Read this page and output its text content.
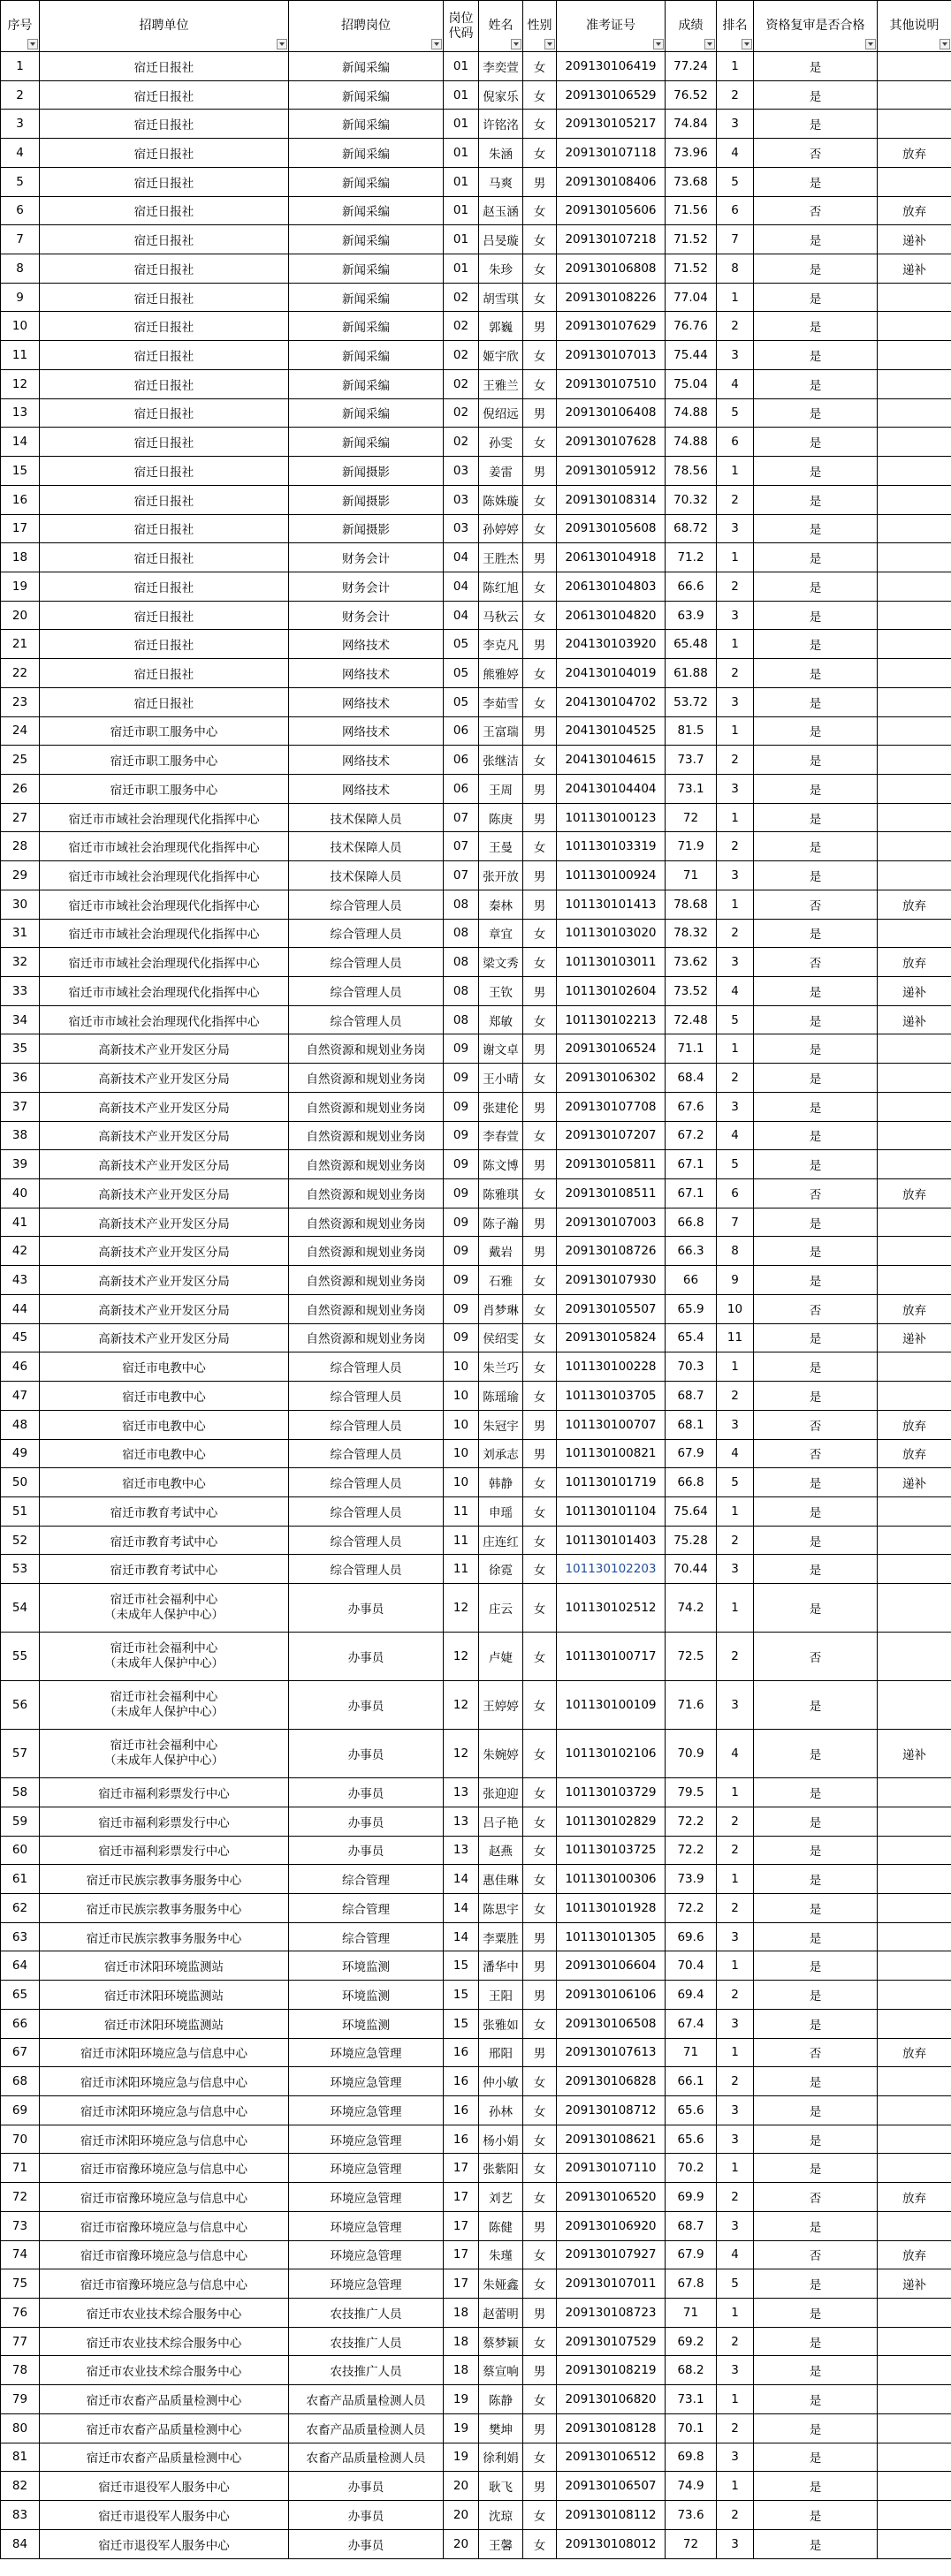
序号	招聘单位	招聘岗位	岗位代码	姓名	性别	准考证号	成绩	排名	资格复审是否合格	其他说明

1	宿迁日报社	新闻采编	01	李奕萱	女	209130106419	77.24	1	是	
2	宿迁日报社	新闻采编	01	倪家乐	女	209130106529	76.52	2	是	
3	宿迁日报社	新闻采编	01	许铭洺	女	209130105217	74.84	3	是	
4	宿迁日报社	新闻采编	01	朱涵	女	209130107118	73.96	4	否	放弃
5	宿迁日报社	新闻采编	01	马爽	男	209130108406	73.68	5	是	
6	宿迁日报社	新闻采编	01	赵玉涵	女	209130105606	71.56	6	否	放弃
7	宿迁日报社	新闻采编	01	吕旻璇	女	209130107218	71.52	7	是	递补
8	宿迁日报社	新闻采编	01	朱珍	女	209130106808	71.52	8	是	递补
9	宿迁日报社	新闻采编	02	胡雪琪	女	209130108226	77.04	1	是	
10	宿迁日报社	新闻采编	02	郭巍	男	209130107629	76.76	2	是	
11	宿迁日报社	新闻采编	02	姬宇欣	女	209130107013	75.44	3	是	
12	宿迁日报社	新闻采编	02	王雅兰	女	209130107510	75.04	4	是	
13	宿迁日报社	新闻采编	02	倪绍远	男	209130106408	74.88	5	是	
14	宿迁日报社	新闻采编	02	孙雯	女	209130107628	74.88	6	是	
15	宿迁日报社	新闻摄影	03	姜雷	男	209130105912	78.56	1	是	
16	宿迁日报社	新闻摄影	03	陈姝璇	女	209130108314	70.32	2	是	
17	宿迁日报社	新闻摄影	03	孙婷婷	女	209130105608	68.72	3	是	
18	宿迁日报社	财务会计	04	王胜杰	男	206130104918	71.2	1	是	
19	宿迁日报社	财务会计	04	陈红旭	女	206130104803	66.6	2	是	
20	宿迁日报社	财务会计	04	马秋云	女	206130104820	63.9	3	是	
21	宿迁日报社	网络技术	05	李克凡	男	204130103920	65.48	1	是	
22	宿迁日报社	网络技术	05	熊雅婷	女	204130104019	61.88	2	是	
23	宿迁日报社	网络技术	05	李茹雪	女	204130104702	53.72	3	是	
24	宿迁市职工服务中心	网络技术	06	王富瑞	男	204130104525	81.5	1	是	
25	宿迁市职工服务中心	网络技术	06	张继洁	女	204130104615	73.7	2	是	
26	宿迁市职工服务中心	网络技术	06	王周	男	204130104404	73.1	3	是	
27	宿迁市市域社会治理现代化指挥中心	技术保障人员	07	陈庚	男	101130100123	72	1	是	
28	宿迁市市域社会治理现代化指挥中心	技术保障人员	07	王曼	女	101130103319	71.9	2	是	
29	宿迁市市域社会治理现代化指挥中心	技术保障人员	07	张开放	男	101130100924	71	3	是	
30	宿迁市市域社会治理现代化指挥中心	综合管理人员	08	秦林	男	101130101413	78.68	1	否	放弃
31	宿迁市市域社会治理现代化指挥中心	综合管理人员	08	章宜	女	101130103020	78.32	2	是	
32	宿迁市市域社会治理现代化指挥中心	综合管理人员	08	梁文秀	女	101130103011	73.62	3	否	放弃
33	宿迁市市域社会治理现代化指挥中心	综合管理人员	08	王钦	男	101130102604	73.52	4	是	递补
34	宿迁市市域社会治理现代化指挥中心	综合管理人员	08	郑敏	女	101130102213	72.48	5	是	递补
35	高新技术产业开发区分局	自然资源和规划业务岗	09	谢文卓	男	209130106524	71.1	1	是	
36	高新技术产业开发区分局	自然资源和规划业务岗	09	王小晴	女	209130106302	68.4	2	是	
37	高新技术产业开发区分局	自然资源和规划业务岗	09	张建伦	男	209130107708	67.6	3	是	
38	高新技术产业开发区分局	自然资源和规划业务岗	09	李春萱	女	209130107207	67.2	4	是	
39	高新技术产业开发区分局	自然资源和规划业务岗	09	陈文博	男	209130105811	67.1	5	是	
40	高新技术产业开发区分局	自然资源和规划业务岗	09	陈雅琪	女	209130108511	67.1	6	否	放弃
41	高新技术产业开发区分局	自然资源和规划业务岗	09	陈子瀚	男	209130107003	66.8	7	是	
42	高新技术产业开发区分局	自然资源和规划业务岗	09	戴岩	男	209130108726	66.3	8	是	
43	高新技术产业开发区分局	自然资源和规划业务岗	09	石雅	女	209130107930	66	9	是	
44	高新技术产业开发区分局	自然资源和规划业务岗	09	肖梦琳	女	209130105507	65.9	10	否	放弃
45	高新技术产业开发区分局	自然资源和规划业务岗	09	侯绍雯	女	209130105824	65.4	11	是	递补
46	宿迁市电教中心	综合管理人员	10	朱兰巧	女	101130100228	70.3	1	是	
47	宿迁市电教中心	综合管理人员	10	陈瑶瑜	女	101130103705	68.7	2	是	
48	宿迁市电教中心	综合管理人员	10	朱冠宇	男	101130100707	68.1	3	否	放弃
49	宿迁市电教中心	综合管理人员	10	刘承志	男	101130100821	67.9	4	否	放弃
50	宿迁市电教中心	综合管理人员	10	韩静	女	101130101719	66.8	5	是	递补
51	宿迁市教育考试中心	综合管理人员	11	申瑶	女	101130101104	75.64	1	是	
52	宿迁市教育考试中心	综合管理人员	11	庄连红	女	101130101403	75.28	2	是	
53	宿迁市教育考试中心	综合管理人员	11	徐霓	女	101130102203	70.44	3	是	
54	宿迁市社会福利中心
（未成年人保护中心）	办事员	12	庄云	女	101130102512	74.2	1	是	
55	宿迁市社会福利中心
（未成年人保护中心）	办事员	12	卢婕	女	101130100717	72.5	2	否	
56	宿迁市社会福利中心
（未成年人保护中心）	办事员	12	王婷婷	女	101130100109	71.6	3	是	
57	宿迁市社会福利中心
（未成年人保护中心）	办事员	12	朱婉婷	女	101130102106	70.9	4	是	递补
58	宿迁市福利彩票发行中心	办事员	13	张迎迎	女	101130103729	79.5	1	是	
59	宿迁市福利彩票发行中心	办事员	13	吕子艳	女	101130102829	72.2	2	是	
60	宿迁市福利彩票发行中心	办事员	13	赵燕	女	101130103725	72.2	2	是	
61	宿迁市民族宗教事务服务中心	综合管理	14	惠佳琳	女	101130100306	73.9	1	是	
62	宿迁市民族宗教事务服务中心	综合管理	14	陈思宇	女	101130101928	72.2	2	是	
63	宿迁市民族宗教事务服务中心	综合管理	14	李粟胜	男	101130101305	69.6	3	是	
64	宿迁市沭阳环境监测站	环境监测	15	潘华中	男	209130106604	70.4	1	是	
65	宿迁市沭阳环境监测站	环境监测	15	王阳	男	209130106106	69.4	2	是	
66	宿迁市沭阳环境监测站	环境监测	15	张雅如	女	209130106508	67.4	3	是	
67	宿迁市沭阳环境应急与信息中心	环境应急管理	16	邢阳	男	209130107613	71	1	否	放弃
68	宿迁市沭阳环境应急与信息中心	环境应急管理	16	仲小敏	女	209130106828	66.1	2	是	
69	宿迁市沭阳环境应急与信息中心	环境应急管理	16	孙林	女	209130108712	65.6	3	是	
70	宿迁市沭阳环境应急与信息中心	环境应急管理	16	杨小娟	女	209130108621	65.6	3	是	
71	宿迁市宿豫环境应急与信息中心	环境应急管理	17	张紫阳	女	209130107110	70.2	1	是	
72	宿迁市宿豫环境应急与信息中心	环境应急管理	17	刘艺	女	209130106520	69.9	2	否	放弃
73	宿迁市宿豫环境应急与信息中心	环境应急管理	17	陈健	男	209130106920	68.7	3	是	
74	宿迁市宿豫环境应急与信息中心	环境应急管理	17	朱瑾	女	209130107927	67.9	4	否	放弃
75	宿迁市宿豫环境应急与信息中心	环境应急管理	17	朱娅鑫	女	209130107011	67.8	5	是	递补
76	宿迁市农业技术综合服务中心	农技推广人员	18	赵蕾明	男	209130108723	71	1	是	
77	宿迁市农业技术综合服务中心	农技推广人员	18	蔡梦颖	女	209130107529	69.2	2	是	
78	宿迁市农业技术综合服务中心	农技推广人员	18	蔡宣响	男	209130108219	68.2	3	是	
79	宿迁市农畜产品质量检测中心	农畜产品质量检测人员	19	陈静	女	209130106820	73.1	1	是	
80	宿迁市农畜产品质量检测中心	农畜产品质量检测人员	19	樊坤	男	209130108128	70.1	2	是	
81	宿迁市农畜产品质量检测中心	农畜产品质量检测人员	19	徐利娟	女	209130106512	69.8	3	是	
82	宿迁市退役军人服务中心	办事员	20	耿飞	男	209130106507	74.9	1	是	
83	宿迁市退役军人服务中心	办事员	20	沈琼	女	209130108112	73.6	2	是	
84	宿迁市退役军人服务中心	办事员	20	王馨	女	209130108012	72	3	是	
